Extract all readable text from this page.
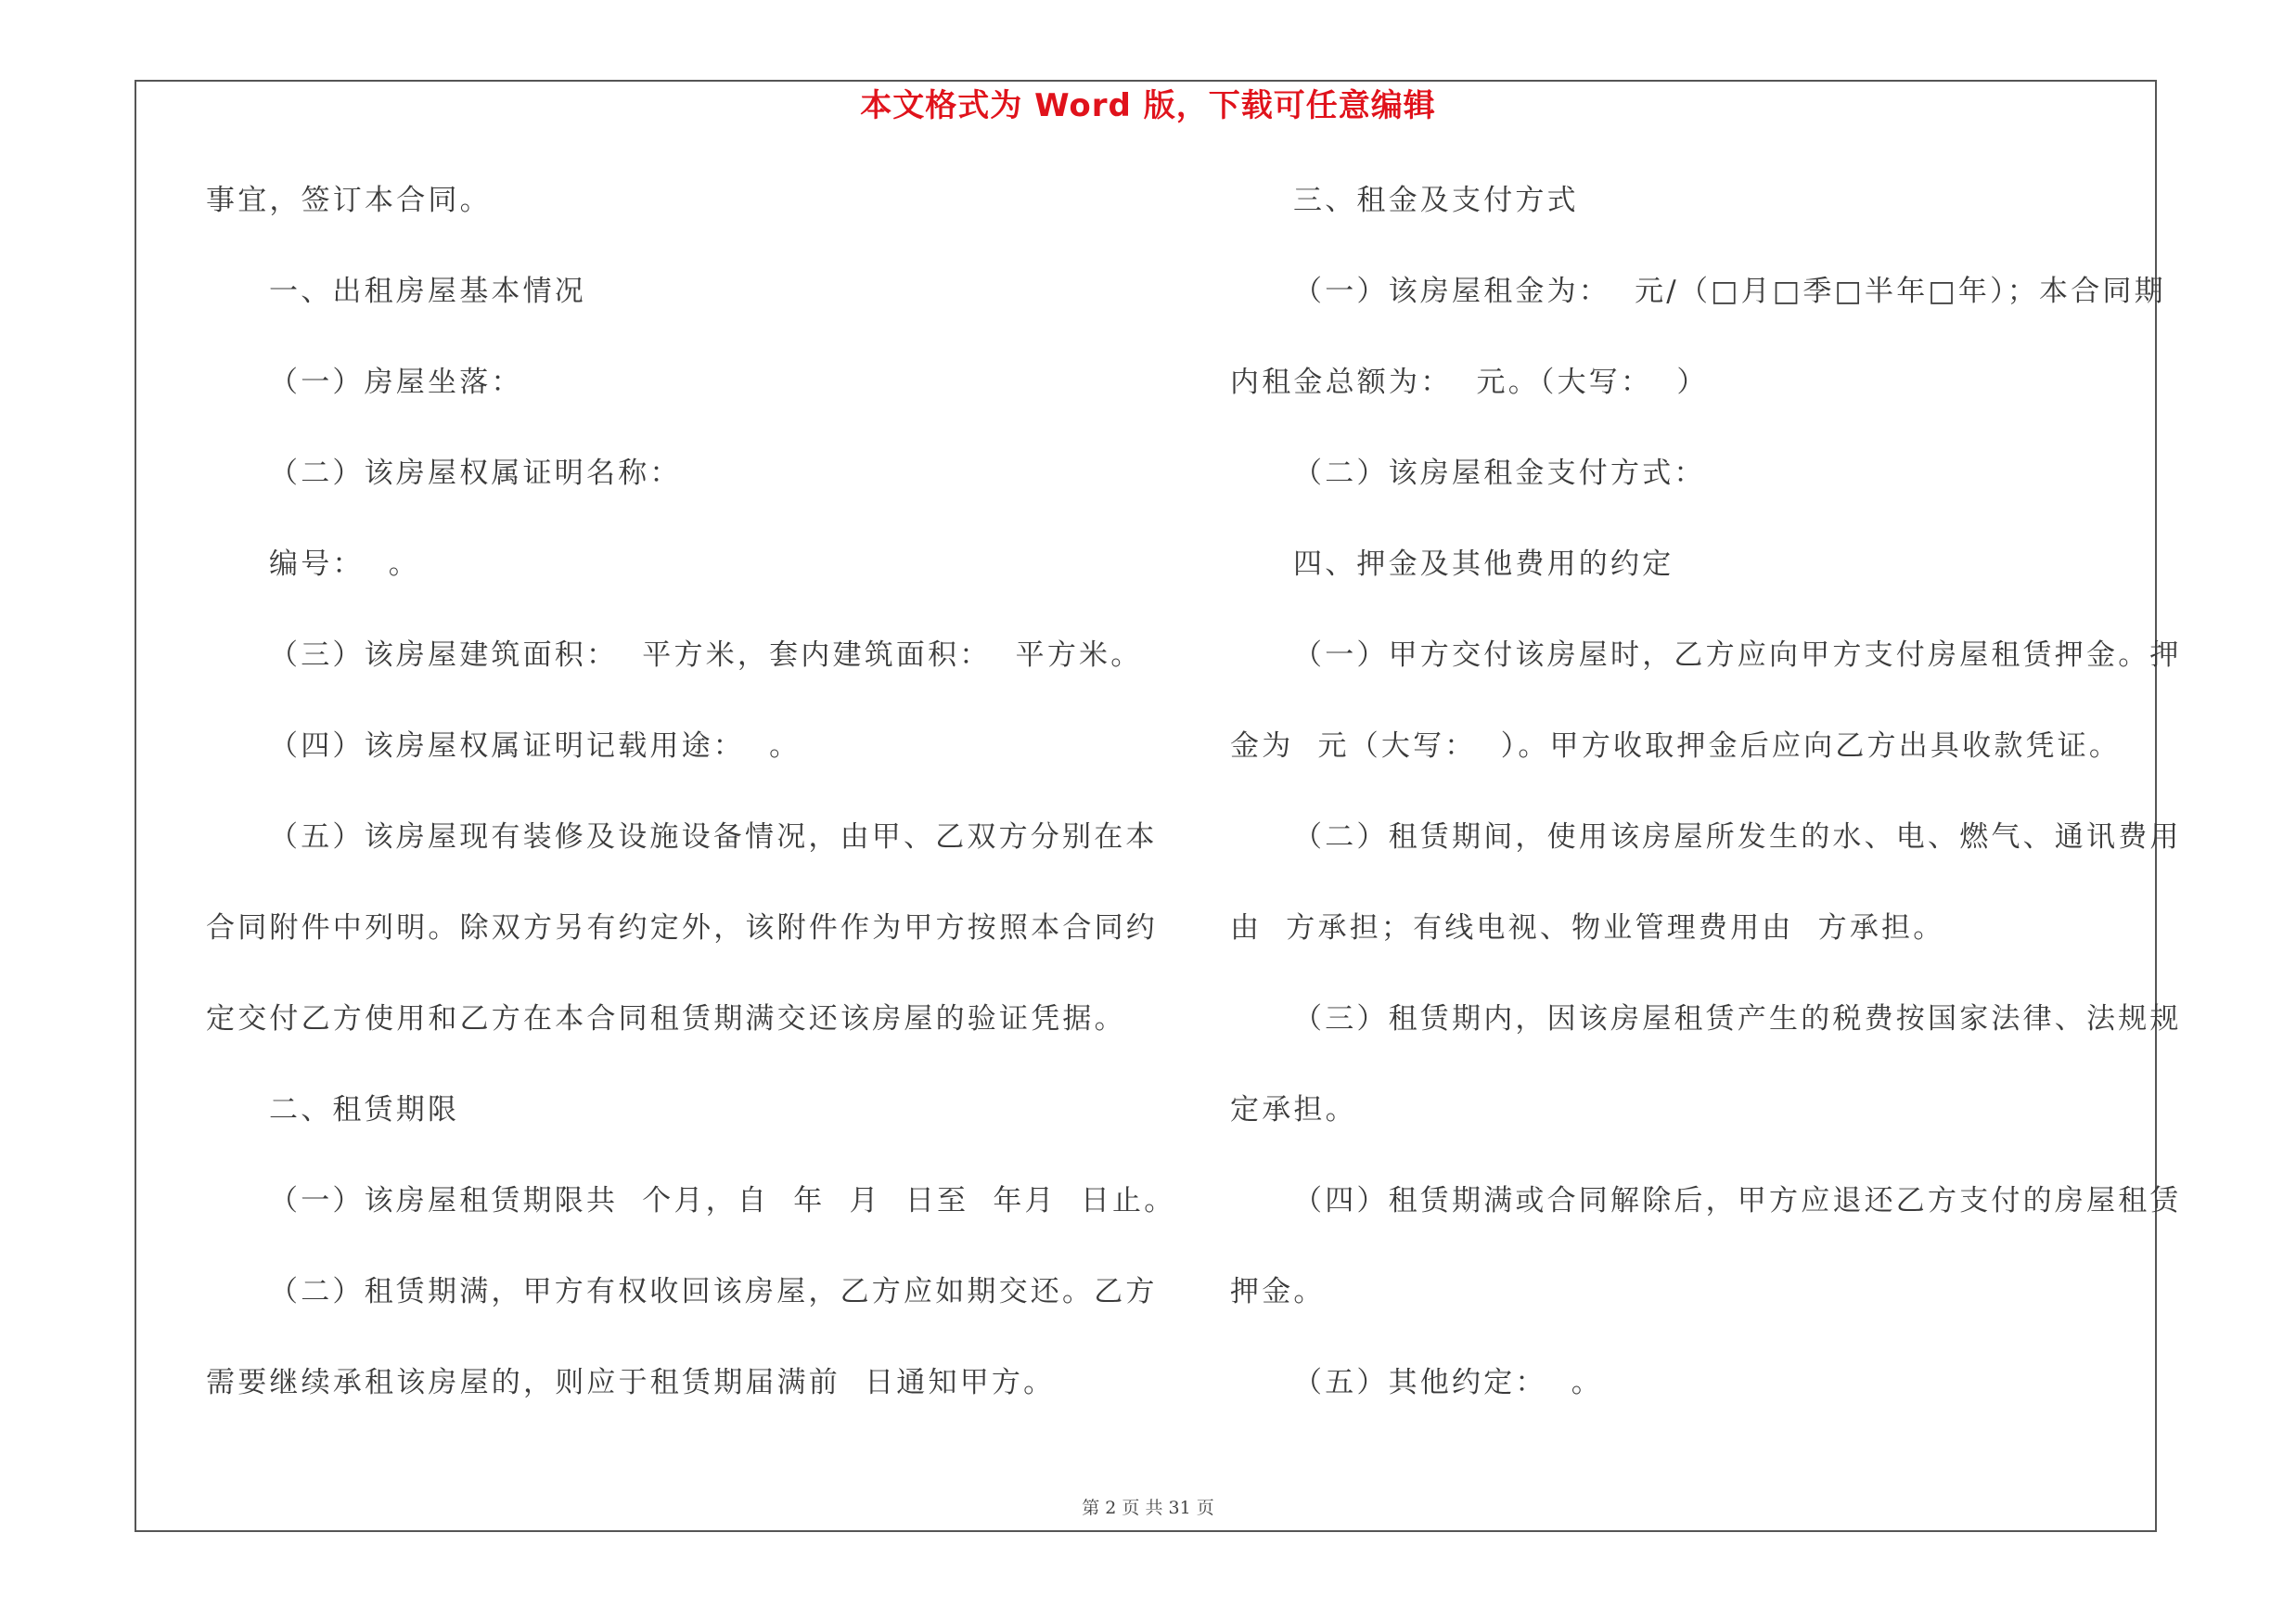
本文格式为 Word 版，下载可任意编辑
事宜，签订本合同。
一、出租房屋基本情况
（一）房屋坐落：
（二）该房屋权属证明名称：
编号：  。
（三）该房屋建筑面积：  平方米，套内建筑面积：  平方米。
（四）该房屋权属证明记载用途：  。
（五）该房屋现有装修及设施设备情况，由甲、乙双方分别在本
合同附件中列明。除双方另有约定外，该附件作为甲方按照本合同约
定交付乙方使用和乙方在本合同租赁期满交还该房屋的验证凭据。
二、租赁期限
（一）该房屋租赁期限共  个月，自  年  月  日至  年月  日止。
（二）租赁期满，甲方有权收回该房屋，乙方应如期交还。乙方
需要继续承租该房屋的，则应于租赁期届满前  日通知甲方。
三、租金及支付方式
（一）该房屋租金为：  元/（□月□季□半年□年）；本合同期
内租金总额为：  元。（大写：  ）
（二）该房屋租金支付方式：
四、押金及其他费用的约定
（一）甲方交付该房屋时，乙方应向甲方支付房屋租赁押金。押
金为  元（大写：  ）。甲方收取押金后应向乙方出具收款凭证。
（二）租赁期间，使用该房屋所发生的水、电、燃气、通讯费用
由  方承担；有线电视、物业管理费用由  方承担。
（三）租赁期内，因该房屋租赁产生的税费按国家法律、法规规
定承担。
（四）租赁期满或合同解除后，甲方应退还乙方支付的房屋租赁
押金。
（五）其他约定：  。
第 2 页 共 31 页
